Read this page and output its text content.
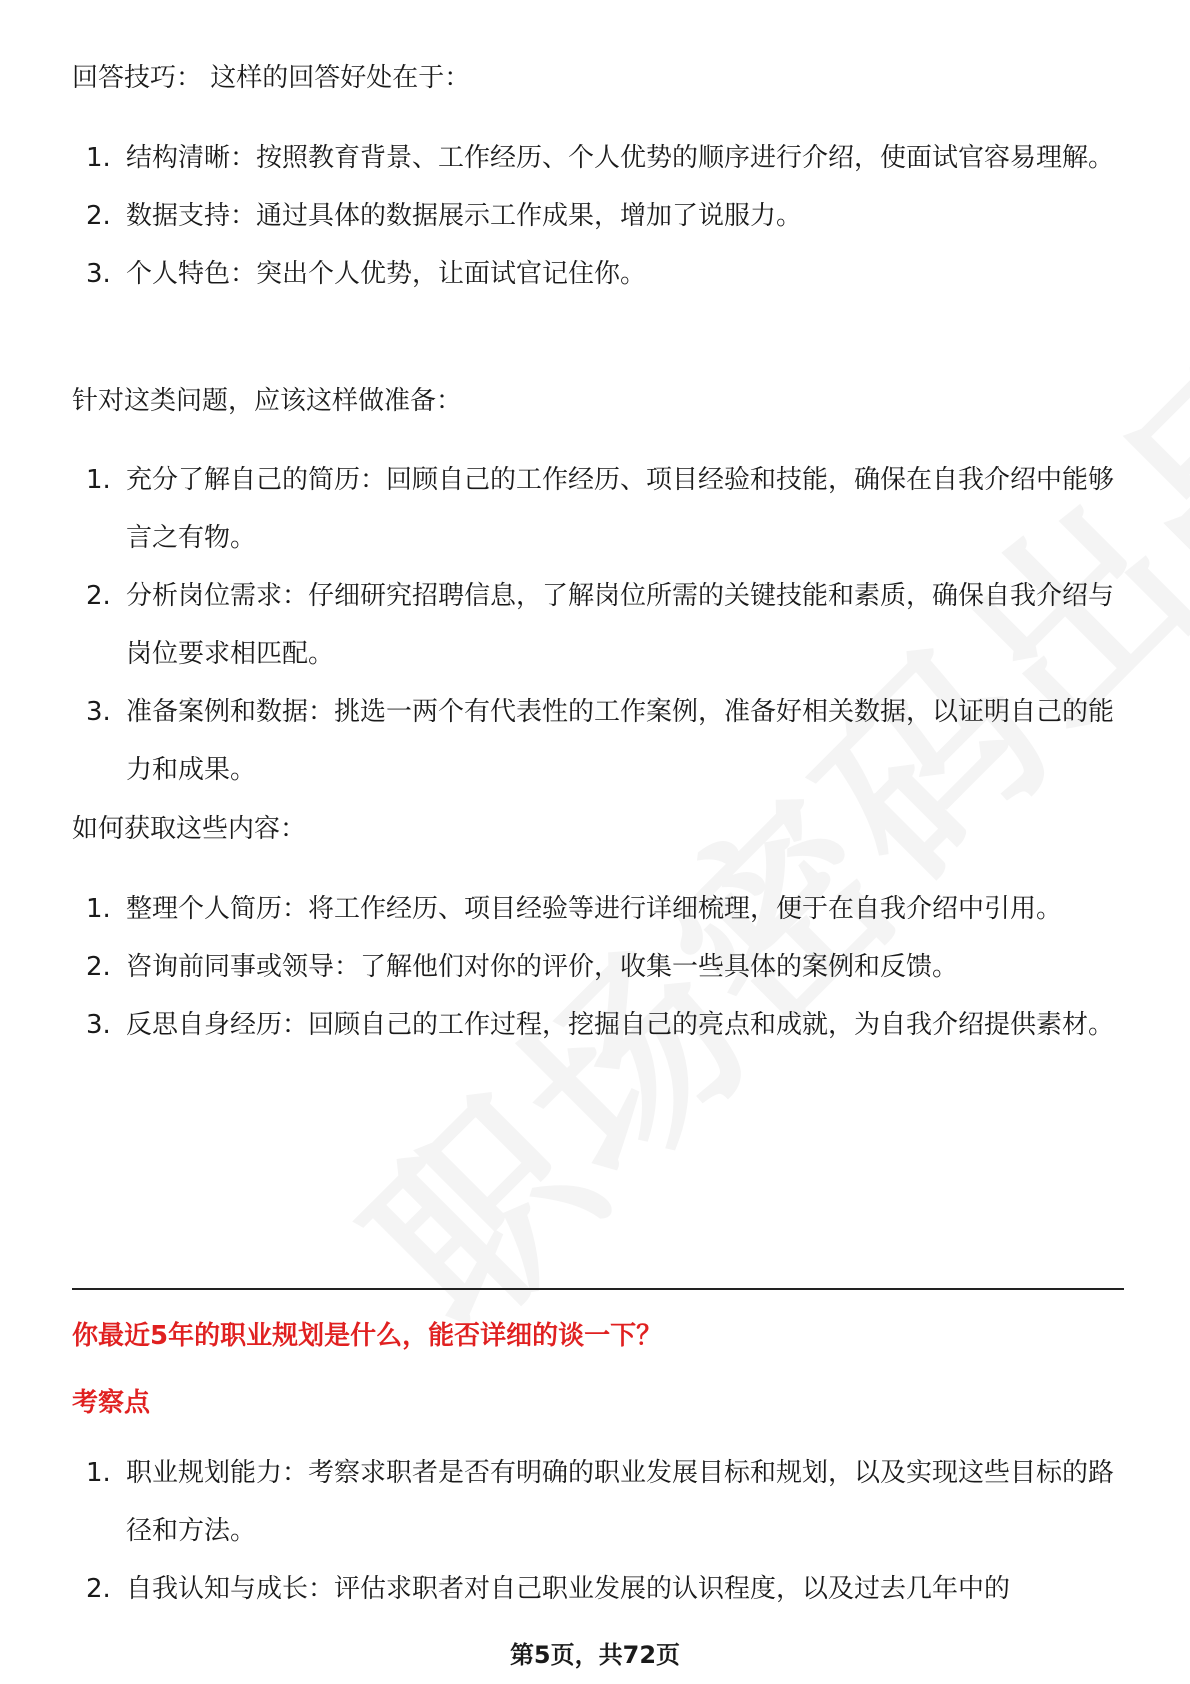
回答技巧： 这样的回答好处在于：
1. 结构清晰：按照教育背景、工作经历、个人优势的顺序进行介绍，使面试官容易理解。
2. 数据支持：通过具体的数据展示工作成果，增加了说服力。
3. 个人特色：突出个人优势，让面试官记住你。
针对这类问题，应该这样做准备：
1. 充分了解自己的简历：回顾自己的工作经历、项目经验和技能，确保在自我介绍中能够言之有物。
2. 分析岗位需求：仔细研究招聘信息，了解岗位所需的关键技能和素质，确保自我介绍与岗位要求相匹配。
3. 准备案例和数据：挑选一两个有代表性的工作案例，准备好相关数据，以证明自己的能力和成果。
如何获取这些内容：
1. 整理个人简历：将工作经历、项目经验等进行详细梳理，便于在自我介绍中引用。
2. 咨询前同事或领导：了解他们对你的评价，收集一些具体的案例和反馈。
3. 反思自身经历：回顾自己的工作过程，挖掘自己的亮点和成就，为自我介绍提供素材。
你最近5年的职业规划是什么，能否详细的谈一下？
考察点
1. 职业规划能力：考察求职者是否有明确的职业发展目标和规划，以及实现这些目标的路径和方法。
2. 自我认知与成长：评估求职者对自己职业发展的认识程度，以及过去几年中的
第5页，共72页
